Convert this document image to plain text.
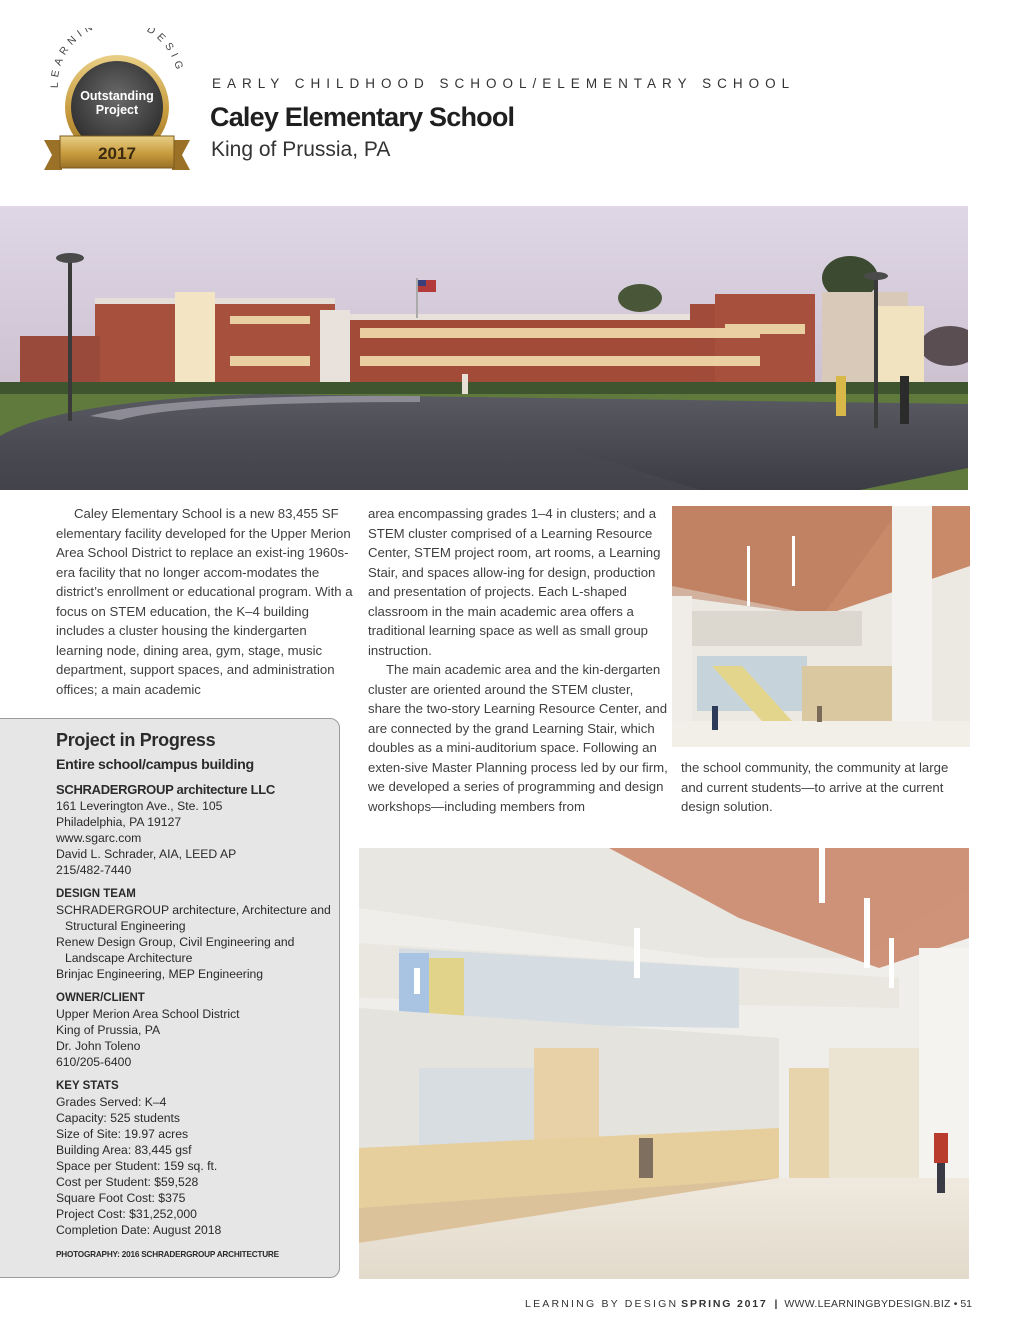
LEARNI DESIG
Outstanding
Project
2017
EARLY CHILDHOOD SCHOOL/ELEMENTARY SCHOOL
Caley Elementary School
King of Prussia, PA

Caley Elementary School is a new 83,455 SF elementary facility developed for the Upper Merion Area School District to replace an exist-ing 1960s-era facility that no longer accom-modates the district’s enrollment or educational program. With a focus on STEM education, the K–4 building includes a cluster housing the kindergarten learning node, dining area, gym, stage, music department, support spaces, and administration offices; a main academic

area encompassing grades 1–4 in clusters; and a STEM cluster comprised of a Learning Resource Center, STEM project room, art rooms, a Learning Stair, and spaces allow-ing for design, production and presentation of projects. Each L-shaped classroom in the main academic area offers a traditional learning space as well as small group instruction.

The main academic area and the kin-dergarten cluster are oriented around the STEM cluster, share the two-story Learning Resource Center, and are connected by the grand Learning Stair, which doubles as a mini-auditorium space. Following an exten-sive Master Planning process led by our firm, we developed a series of programming and design workshops—including members from

the school community, the community at large and current students—to arrive at the current design solution.

Project in Progress
Entire school/campus building
SCHRADERGROUP architecture LLC
161 Leverington Ave., Ste. 105
Philadelphia, PA 19127
www.sgarc.com
David L. Schrader, AIA, LEED AP
215/482-7440
DESIGN TEAM
SCHRADERGROUP architecture, Architecture and
Structural Engineering
Renew Design Group, Civil Engineering and
Landscape Architecture
Brinjac Engineering, MEP Engineering
OWNER/CLIENT
Upper Merion Area School District
King of Prussia, PA
Dr. John Toleno
610/205-6400
KEY STATS
Grades Served: K–4
Capacity: 525 students
Size of Site: 19.97 acres
Building Area: 83,445 gsf
Space per Student: 159 sq. ft.
Cost per Student: $59,528
Square Foot Cost: $375
Project Cost: $31,252,000
Completion Date: August 2018
PHOTOGRAPHY: 2016 SCHRADERGROUP ARCHITECTURE
LEARNING BY DESIGN SPRING 2017 | WWW.LEARNINGBYDESIGN.BIZ • 51
